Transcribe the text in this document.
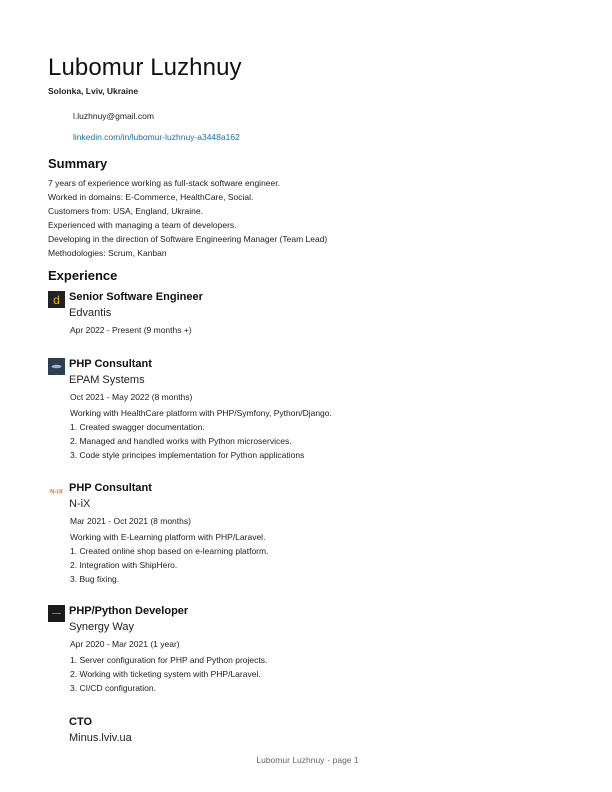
Lubomur Luzhnuy
Solonka, Lviv, Ukraine
l.luzhnuy@gmail.com
linkedin.com/in/lubomur-luzhnuy-a3448a162
Summary
7 years of experience working as full-stack software engineer.
Worked in domains: E-Commerce, HealthCare, Social.
Customers from: USA, England, Ukraine.
Experienced with managing a team of developers.
Developing in the direction of Software Engineering Manager (Team Lead)
Methodologies: Scrum, Kanban
Experience
d Senior Software Engineer
Edvantis
Apr 2022 - Present (9 months +)
PHP Consultant
EPAM Systems
Oct 2021 - May 2022 (8 months)
Working with HealthCare platform with PHP/Symfony, Python/Django.
1. Created swagger documentation.
2. Managed and handled works with Python microservices.
3. Code style principes implementation for Python applications
N-iX PHP Consultant
N-iX
Mar 2021 - Oct 2021 (8 months)
Working with E-Learning platform with PHP/Laravel.
1. Created online shop based on e-learning platform.
2. Integration with ShipHero.
3. Bug fixing.
PHP/Python Developer
Synergy Way
Apr 2020 - Mar 2021 (1 year)
1. Server configuration for PHP and Python projects.
2. Working with ticketing system with PHP/Laravel.
3. CI/CD configuration.
CTO
Minus.lviv.ua
Lubomur Luzhnuy - page 1
